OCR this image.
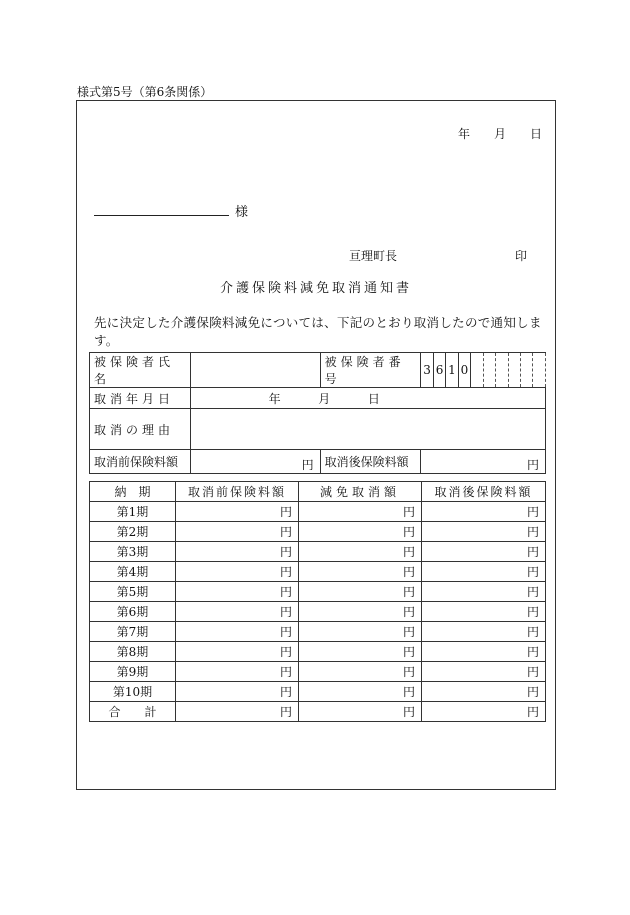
様式第5号（第6条関係）
年 月 日
様
亘理町長	印
介護保険料減免取消通知書
先に決定した介護保険料減免については、下記のとおり取消したので通知します。
被保険者氏名		被保険者番号	3	6	1	0						
取消年月日	年 月 日											
取消の理由												
取消前保険料額	円	取消後保険料額	円									
納　期	取消前保険料額	減免取消額	取消後保険料額
第1期	円	円	円
第2期	円	円	円
第3期	円	円	円
第4期	円	円	円
第5期	円	円	円
第6期	円	円	円
第7期	円	円	円
第8期	円	円	円
第9期	円	円	円
第10期	円	円	円
合　　計	円	円	円
